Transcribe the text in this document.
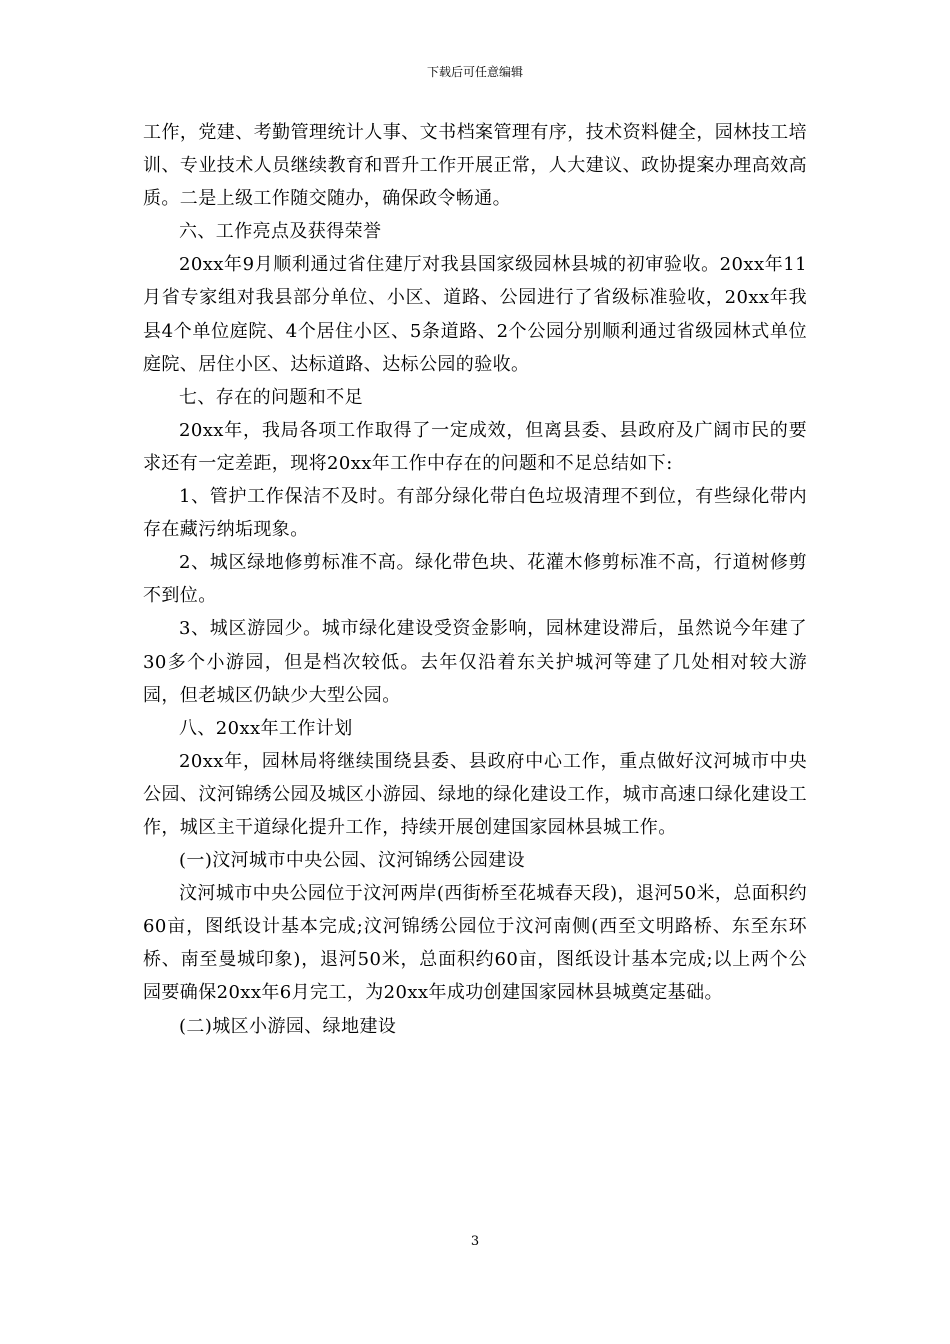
下载后可任意编辑

工作，党建、考勤管理统计人事、文书档案管理有序，技术资料健全，园林技工培训、专业技术人员继续教育和晋升工作开展正常，人大建议、政协提案办理高效高质。二是上级工作随交随办，确保政令畅通。

六、工作亮点及获得荣誉

20xx年9月顺利通过省住建厅对我县国家级园林县城的初审验收。20xx年11月省专家组对我县部分单位、小区、道路、公园进行了省级标准验收，20xx年我县4个单位庭院、4个居住小区、5条道路、2个公园分别顺利通过省级园林式单位庭院、居住小区、达标道路、达标公园的验收。

七、存在的问题和不足

20xx年，我局各项工作取得了一定成效，但离县委、县政府及广阔市民的要求还有一定差距，现将20xx年工作中存在的问题和不足总结如下:

1、管护工作保洁不及时。有部分绿化带白色垃圾清理不到位，有些绿化带内存在藏污纳垢现象。

2、城区绿地修剪标准不高。绿化带色块、花灌木修剪标准不高，行道树修剪不到位。

3、城区游园少。城市绿化建设受资金影响，园林建设滞后，虽然说今年建了30多个小游园，但是档次较低。去年仅沿着东关护城河等建了几处相对较大游园，但老城区仍缺少大型公园。

八、20xx年工作计划

20xx年，园林局将继续围绕县委、县政府中心工作，重点做好汶河城市中央公园、汶河锦绣公园及城区小游园、绿地的绿化建设工作，城市高速口绿化建设工作，城区主干道绿化提升工作，持续开展创建国家园林县城工作。

(一)汶河城市中央公园、汶河锦绣公园建设

汶河城市中央公园位于汶河两岸(西街桥至花城春天段)，退河50米，总面积约60亩，图纸设计基本完成;汶河锦绣公园位于汶河南侧(西至文明路桥、东至东环桥、南至曼城印象)，退河50米，总面积约60亩，图纸设计基本完成;以上两个公园要确保20xx年6月完工，为20xx年成功创建国家园林县城奠定基础。

(二)城区小游园、绿地建设

3
